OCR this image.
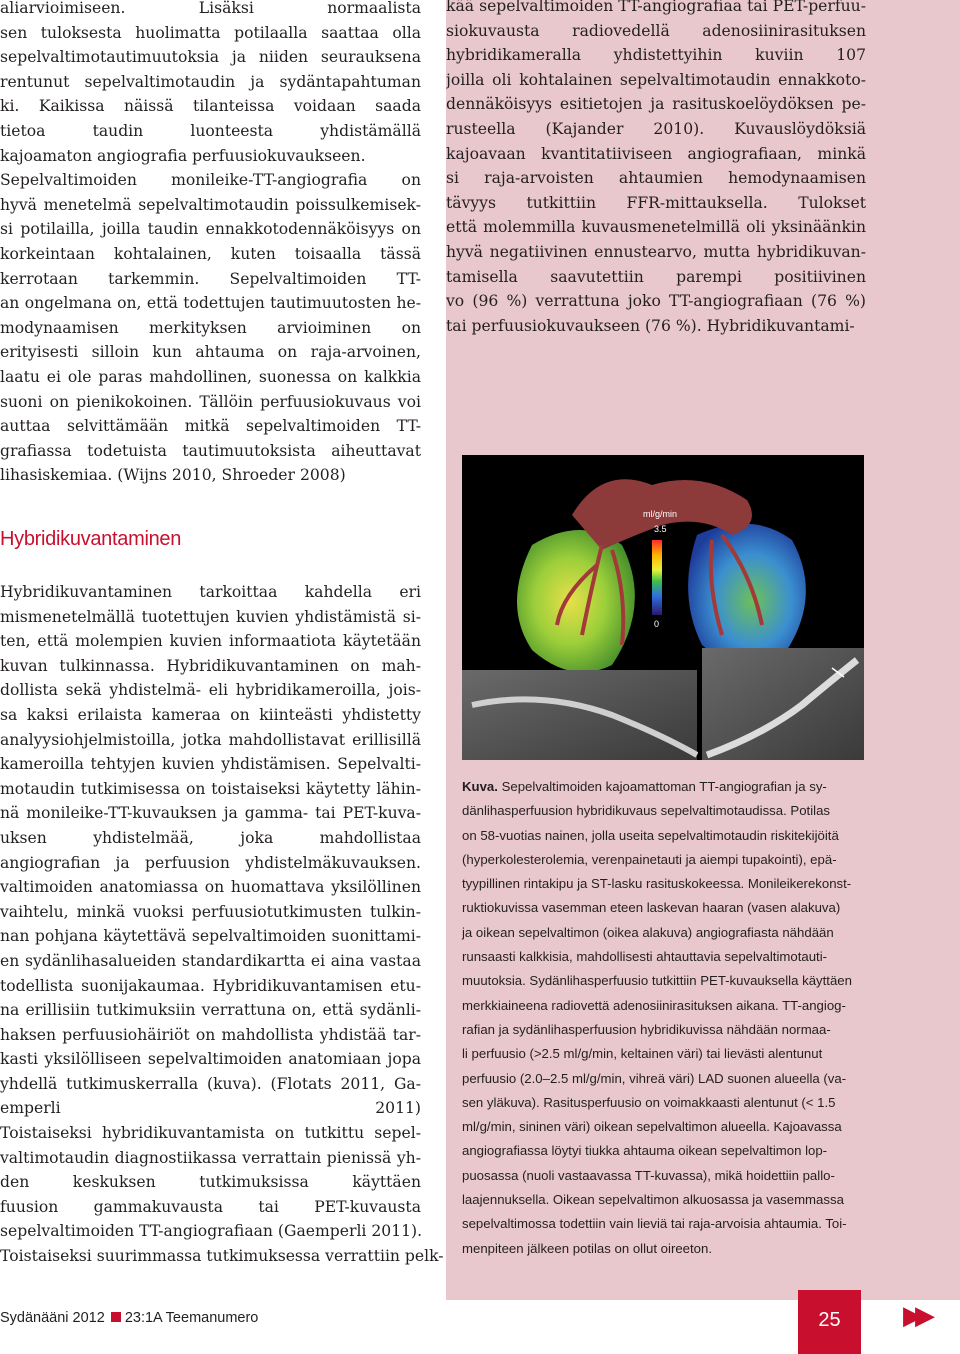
aliarvioimiseen. Lisäksi normaalista
sen tuloksesta huolimatta potilaalla saattaa olla
sepelvaltimotautimuutoksia ja niiden seurauksena
rentunut sepelvaltimotaudin ja sydäntapahtuman
ki. Kaikissa näissä tilanteissa voidaan saada
tietoa taudin luonteesta yhdistämällä
kajoamaton angiografia perfuusiokuvaukseen.
Sepelvaltimoiden monileike-TT-angiografia on
hyvä menetelmä sepelvaltimotaudin poissulkemisek-
si potilailla, joilla taudin ennakkotodennäköisyys on
korkeintaan kohtalainen, kuten toisaalla tässä
kerrotaan tarkemmin. Sepelvaltimoiden TT-
an ongelmana on, että todettujen tautimuutosten he-
modynaamisen merkityksen arvioiminen on
erityisesti silloin kun ahtauma on raja-arvoinen,
laatu ei ole paras mahdollinen, suonessa on kalkkia
suoni on pienikokoinen. Tällöin perfuusiokuvaus voi
auttaa selvittämään mitkä sepelvaltimoiden TT-
grafiassa todetuista tautimuutoksista aiheuttavat
lihasiskemiaa. (Wijns 2010, Shroeder 2008)
Hybridikuvantaminen
Hybridikuvantaminen tarkoittaa kahdella eri
mismenetelmällä tuotettujen kuvien yhdistämistä si-
ten, että molempien kuvien informaatiota käytetään
kuvan tulkinnassa. Hybridikuvantaminen on mah-
dollista sekä yhdistelmä- eli hybridikameroilla, jois-
sa kaksi erilaista kameraa on kiinteästi yhdistetty
analyysiohjelmistoilla, jotka mahdollistavat erillisillä
kameroilla tehtyjen kuvien yhdistämisen. Sepelvalti-
motaudin tutkimisessa on toistaiseksi käytetty lähin-
nä monileike-TT-kuvauksen ja gamma- tai PET-kuva-
uksen yhdistelmää, joka mahdollistaa
angiografian ja perfuusion yhdistelmäkuvauksen.
valtimoiden anatomiassa on huomattava yksilöllinen
vaihtelu, minkä vuoksi perfuusiotutkimusten tulkin-
nan pohjana käytettävä sepelvaltimoiden suonittami-
en sydänlihasalueiden standardikartta ei aina vastaa
todellista suonijakaumaa. Hybridikuvantamisen etu-
na erillisiin tutkimuksiin verrattuna on, että sydänli-
haksen perfuusiohäiriöt on mahdollista yhdistää tar-
kasti yksilölliseen sepelvaltimoiden anatomiaan jopa
yhdellä tutkimuskerralla (kuva). (Flotats 2011, Ga-
emperli 2011)
Toistaiseksi hybridikuvantamista on tutkittu sepel-
valtimotaudin diagnostiikassa verrattain pienissä yh-
den keskuksen tutkimuksissa käyttäen
fuusion gammakuvausta tai PET-kuvausta
sepelvaltimoiden TT-angiografiaan (Gaemperli 2011).
Toistaiseksi suurimmassa tutkimuksessa verrattiin pelk-
kää sepelvaltimoiden TT-angiografiaa tai PET-perfuu-
siokuvausta radiovedellä adenosiinirasituksen
hybridikameralla yhdistettyihin kuviin 107
joilla oli kohtalainen sepelvaltimotaudin ennakkoto-
dennäköisyys esitietojen ja rasituskoelöydöksen pe-
rusteella (Kajander 2010). Kuvauslöydöksiä
kajoavaan kvantitatiiviseen angiografiaan, minkä
si raja-arvoisten ahtaumien hemodynaamisen
tävyys tutkittiin FFR-mittauksella. Tulokset
että molemmilla kuvausmenetelmillä oli yksinäänkin
hyvä negatiivinen ennustearvo, mutta hybridikuvan-
tamisella saavutettiin parempi positiivinen
vo (96 %) verrattuna joko TT-angiografiaan (76 %)
tai perfuusiokuvaukseen (76 %). Hybridikuvantami-
ml/g/min
3.5
0
Kuva. Sepelvaltimoiden kajoamattoman TT-angiografian ja sy-
dänlihasperfuusion hybridikuvaus sepelvaltimotaudissa. Potilas
on 58-vuotias nainen, jolla useita sepelvaltimotaudin riskitekijöitä
(hyperkolesterolemia, verenpainetauti ja aiempi tupakointi), epä-
tyypillinen rintakipu ja ST-lasku rasituskokeessa. Monileikerekonst-
ruktiokuvissa vasemman eteen laskevan haaran (vasen alakuva)
ja oikean sepelvaltimon (oikea alakuva) angiografiasta nähdään
runsaasti kalkkisia, mahdollisesti ahtauttavia sepelvaltimotauti-
muutoksia. Sydänlihasperfuusio tutkittiin PET-kuvauksella käyttäen
merkkiaineena radiovettä adenosiinirasituksen aikana. TT-angiog-
rafian ja sydänlihasperfuusion hybridikuvissa nähdään normaa-
li perfuusio (>2.5 ml/g/min, keltainen väri) tai lievästi alentunut
perfuusio (2.0–2.5 ml/g/min, vihreä väri) LAD suonen alueella (va-
sen yläkuva). Rasitusperfuusio on voimakkaasti alentunut (< 1.5
ml/g/min, sininen väri) oikean sepelvaltimon alueella. Kajoavassa
angiografiassa löytyi tiukka ahtauma oikean sepelvaltimon lop-
puosassa (nuoli vastaavassa TT-kuvassa), mikä hoidettiin pallo-
laajennuksella. Oikean sepelvaltimon alkuosassa ja vasemmassa
sepelvaltimossa todettiin vain lieviä tai raja-arvoisia ahtaumia. Toi-
menpiteen jälkeen potilas on ollut oireeton.
Sydänääni 2012 23:1A Teemanumero	25	▶▶
